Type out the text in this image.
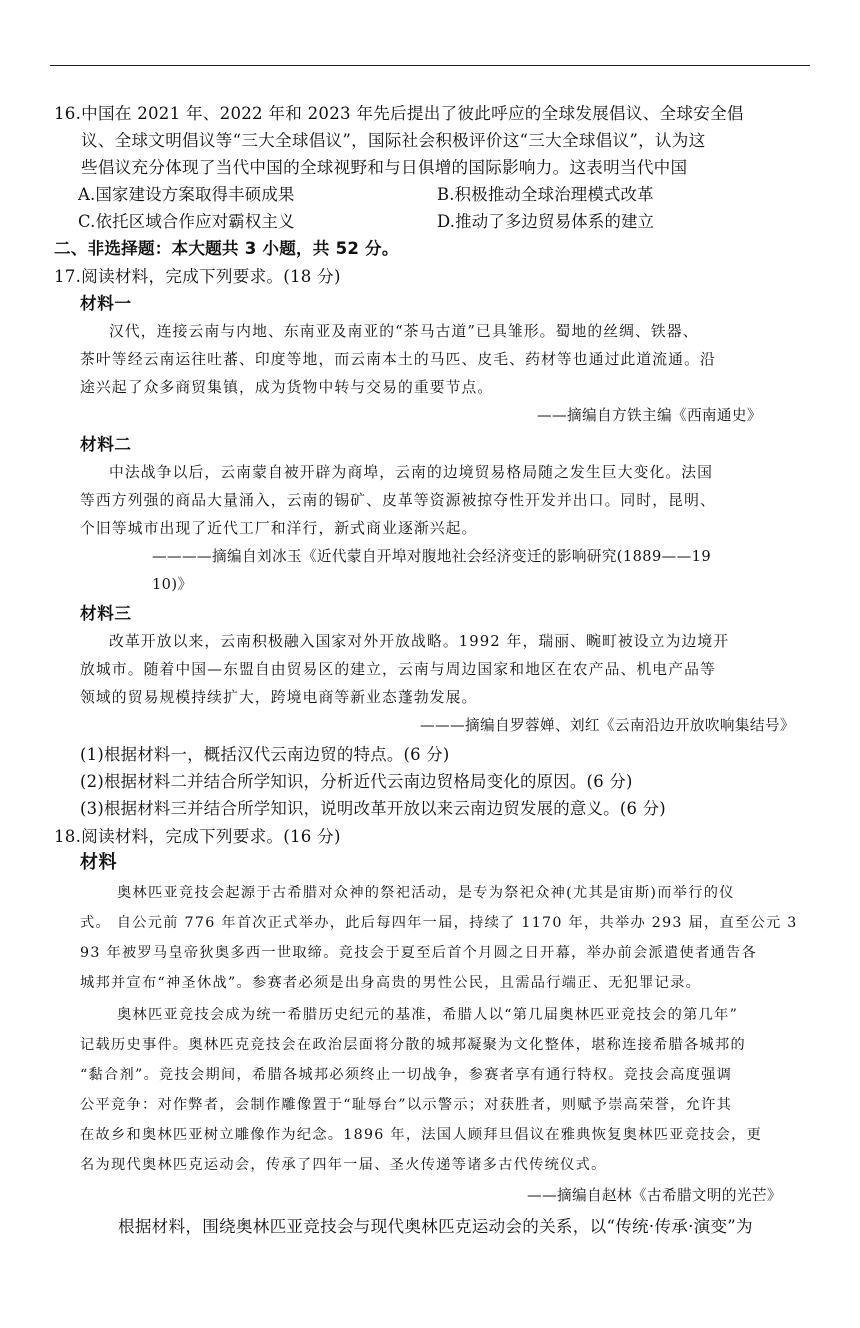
16.中国在 2021 年、2022 年和 2023 年先后提出了彼此呼应的全球发展倡议、全球安全倡
议、全球文明倡议等“三大全球倡议”，国际社会积极评价这“三大全球倡议”，认为这
些倡议充分体现了当代中国的全球视野和与日俱增的国际影响力。这表明当代中国
A.国家建设方案取得丰硕成果	B.积极推动全球治理模式改革
C.依托区域合作应对霸权主义	D.推动了多边贸易体系的建立
二、非选择题：本大题共 3 小题，共 52 分。
17.阅读材料，完成下列要求。(18 分)
材料一
汉代，连接云南与内地、东南亚及南亚的“茶马古道”已具雏形。蜀地的丝绸、铁器、
茶叶等经云南运往吐蕃、印度等地，而云南本土的马匹、皮毛、药材等也通过此道流通。沿
途兴起了众多商贸集镇，成为货物中转与交易的重要节点。
——摘编自方铁主编《西南通史》
材料二
中法战争以后，云南蒙自被开辟为商埠，云南的边境贸易格局随之发生巨大变化。法国
等西方列强的商品大量涌入，云南的锡矿、皮革等资源被掠夺性开发并出口。同时，昆明、
个旧等城市出现了近代工厂和洋行，新式商业逐渐兴起。
————摘编自刘冰玉《近代蒙自开埠对腹地社会经济变迁的影响研究(1889——19
10)》
材料三
改革开放以来，云南积极融入国家对外开放战略。1992 年，瑞丽、畹町被设立为边境开
放城市。随着中国—东盟自由贸易区的建立，云南与周边国家和地区在农产品、机电产品等
领域的贸易规模持续扩大，跨境电商等新业态蓬勃发展。
———摘编自罗蓉婵、刘红《云南沿边开放吹响集结号》
(1)根据材料一，概括汉代云南边贸的特点。(6 分)
(2)根据材料二并结合所学知识，分析近代云南边贸格局变化的原因。(6 分)
(3)根据材料三并结合所学知识，说明改革开放以来云南边贸发展的意义。(6 分)
18.阅读材料，完成下列要求。(16 分)
材料
奥林匹亚竞技会起源于古希腊对众神的祭祀活动，是专为祭祀众神(尤其是宙斯)而举行的仪
式。 自公元前 776 年首次正式举办，此后每四年一届，持续了 1170 年，共举办 293 届，直至公元 3
93 年被罗马皇帝狄奥多西一世取缔。竞技会于夏至后首个月圆之日开幕，举办前会派遣使者通告各
城邦并宣布“神圣休战”。参赛者必须是出身高贵的男性公民，且需品行端正、无犯罪记录。
奥林匹亚竞技会成为统一希腊历史纪元的基准，希腊人以“第几届奥林匹亚竞技会的第几年”
记载历史事件。奥林匹克竞技会在政治层面将分散的城邦凝聚为文化整体，堪称连接希腊各城邦的
“黏合剂”。竞技会期间，希腊各城邦必须终止一切战争，参赛者享有通行特权。竞技会高度强调
公平竞争：对作弊者，会制作雕像置于“耻辱台”以示警示；对获胜者，则赋予崇高荣誉，允许其
在故乡和奥林匹亚树立雕像作为纪念。1896 年，法国人顾拜旦倡议在雅典恢复奥林匹亚竞技会，更
名为现代奥林匹克运动会，传承了四年一届、圣火传递等诸多古代传统仪式。
——摘编自赵林《古希腊文明的光芒》
根据材料，围绕奥林匹亚竞技会与现代奥林匹克运动会的关系，以“传统·传承·演变”为
